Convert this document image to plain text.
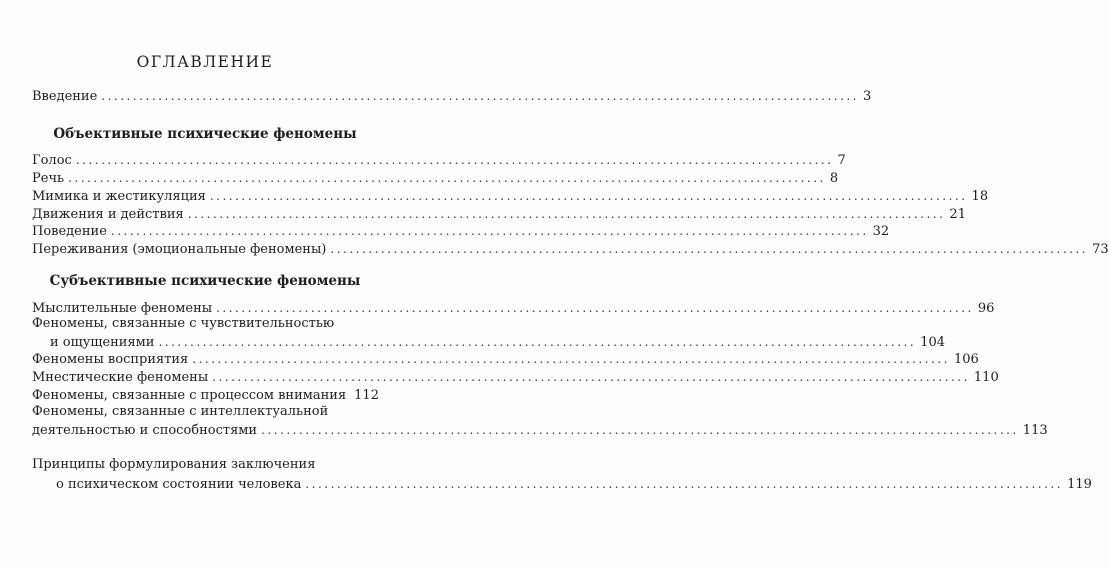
ОГЛАВЛЕНИЕ
Введение ........................................................................................................................ 3
Объективные психические феномены
Голос ........................................................................................................................ 7
Речь ........................................................................................................................ 8
Мимика и жестикуляция ........................................................................................................................ 18
Движения и действия ........................................................................................................................ 21
Поведение ........................................................................................................................ 32
Переживания (эмоциональные феномены) ........................................................................................................................ 73
Субъективные психические феномены
Мыслительные феномены ........................................................................................................................ 96
Феномены, связанные с чувствительностью
и ощущениями ........................................................................................................................ 104
Феномены восприятия ........................................................................................................................ 106
Мнестические феномены ........................................................................................................................ 110
Феномены, связанные с процессом внимания 112
Феномены, связанные с интеллектуальной
деятельностью и способностями ........................................................................................................................ 113
Принципы формулирования заключения
о психическом состоянии человека ........................................................................................................................ 119
